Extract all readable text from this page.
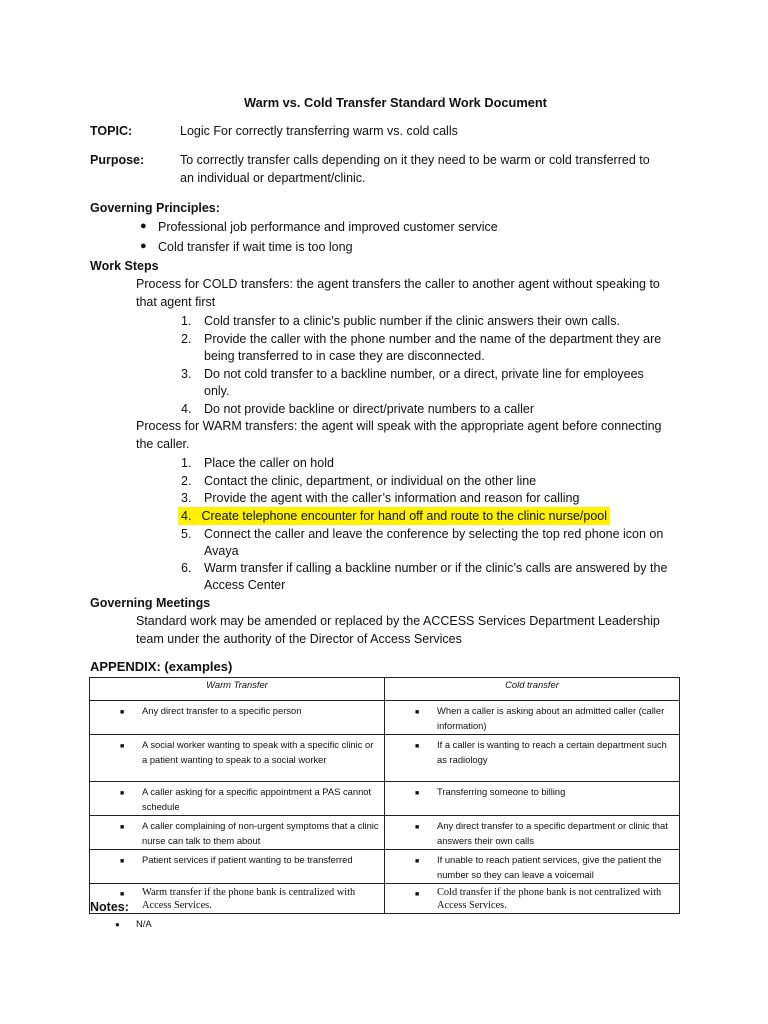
Warm vs. Cold Transfer Standard Work Document
TOPIC:	Logic For correctly transferring warm vs. cold calls
Purpose:	To correctly transfer calls depending on it they need to be warm or cold transferred to
an individual or department/clinic.
Governing Principles:
● Professional job performance and improved customer service
● Cold transfer if wait time is too long
Work Steps
Process for COLD transfers: the agent transfers the caller to another agent without speaking to
that agent first
1. Cold transfer to a clinic’s public number if the clinic answers their own calls.
2. Provide the caller with the phone number and the name of the department they are
being transferred to in case they are disconnected.
3. Do not cold transfer to a backline number, or a direct, private line for employees
only.
4. Do not provide backline or direct/private numbers to a caller
Process for WARM transfers: the agent will speak with the appropriate agent before connecting
the caller.
1. Place the caller on hold
2. Contact the clinic, department, or individual on the other line
3. Provide the agent with the caller’s information and reason for calling
4. Create telephone encounter for hand off and route to the clinic nurse/pool
5. Connect the caller and leave the conference by selecting the top red phone icon on
Avaya
6. Warm transfer if calling a backline number or if the clinic’s calls are answered by the
Access Center
Governing Meetings
Standard work may be amended or replaced by the ACCESS Services Department Leadership
team under the authority of the Director of Access Services
APPENDIX: (examples)
Warm Transfer	Cold transfer

■ Any direct transfer to a specific person	■ When a caller is asking about an admitted caller (caller information)

■ A social worker wanting to speak with a specific clinic or a patient wanting to speak to a social worker	■ If a caller is wanting to reach a certain department such as radiology

■ A caller asking for a specific appointment a PAS cannot schedule	■ Transferring someone to billing

■ A caller complaining of non-urgent symptoms that a clinic nurse can talk to them about	■ Any direct transfer to a specific department or clinic that answers their own calls

■ Patient services if patient wanting to be transferred	■ If unable to reach patient services, give the patient the number so they can leave a voicemail

■ Warm transfer if the phone bank is centralized with Access Services.	■ Cold transfer if the phone bank is not centralized with Access Services.
Notes:
● N/A
